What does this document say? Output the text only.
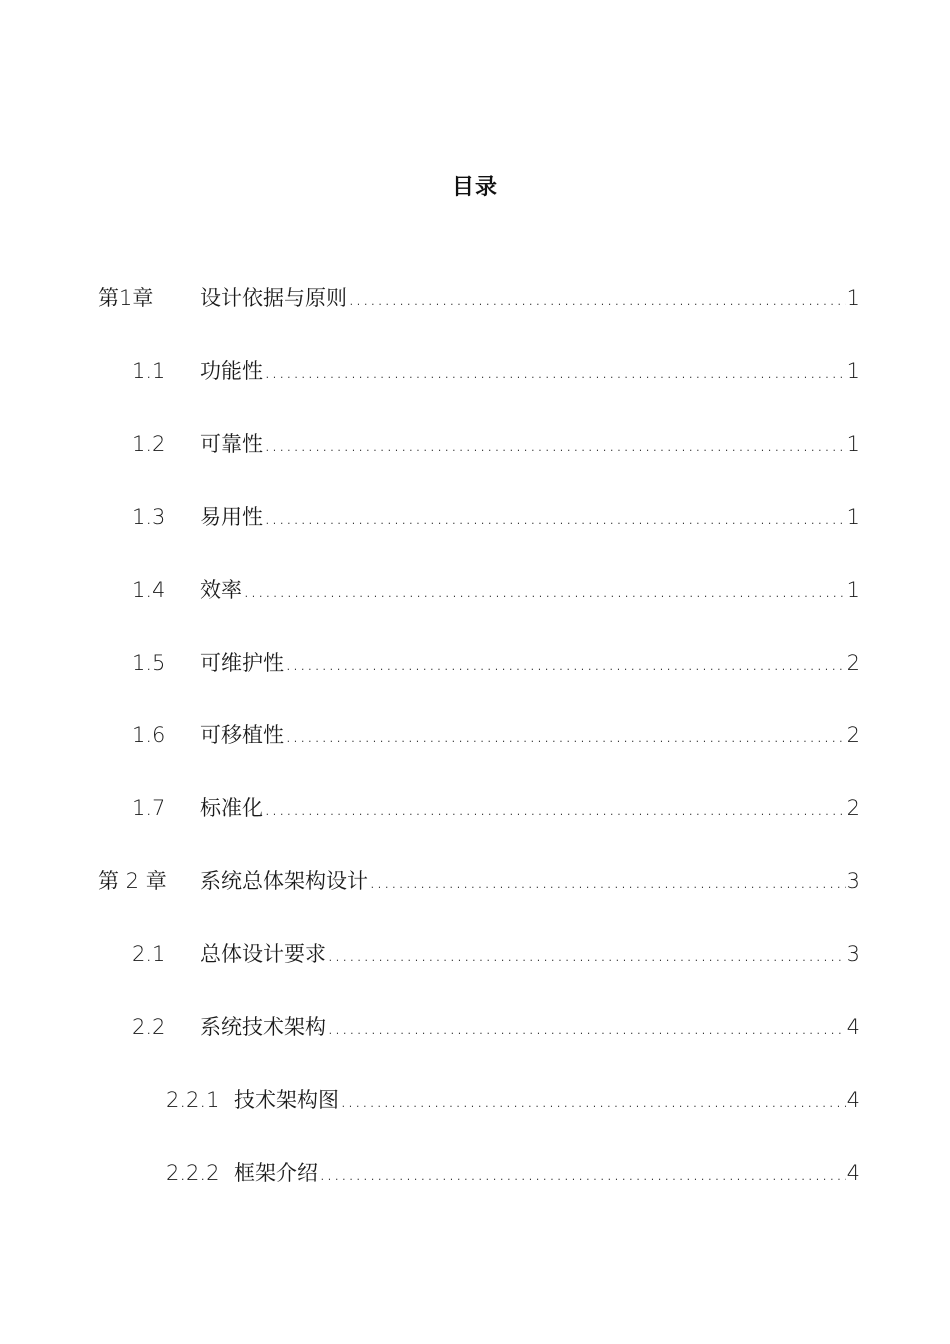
目录
第1章 设计依据与原则 .....	1
1.1 功能性 .....	1
1.2 可靠性 .....	1
1.3 易用性 .....	1
1.4 效率 .....	1
1.5 可维护性 .....	2
1.6 可移植性 .....	2
1.7 标准化 .....	2
第 2 章 系统总体架构设计 .....	3
2.1 总体设计要求 .....	3
2.2 系统技术架构 .....	4
2.2.1 技术架构图 .....	4
2.2.2 框架介绍 .....	4
